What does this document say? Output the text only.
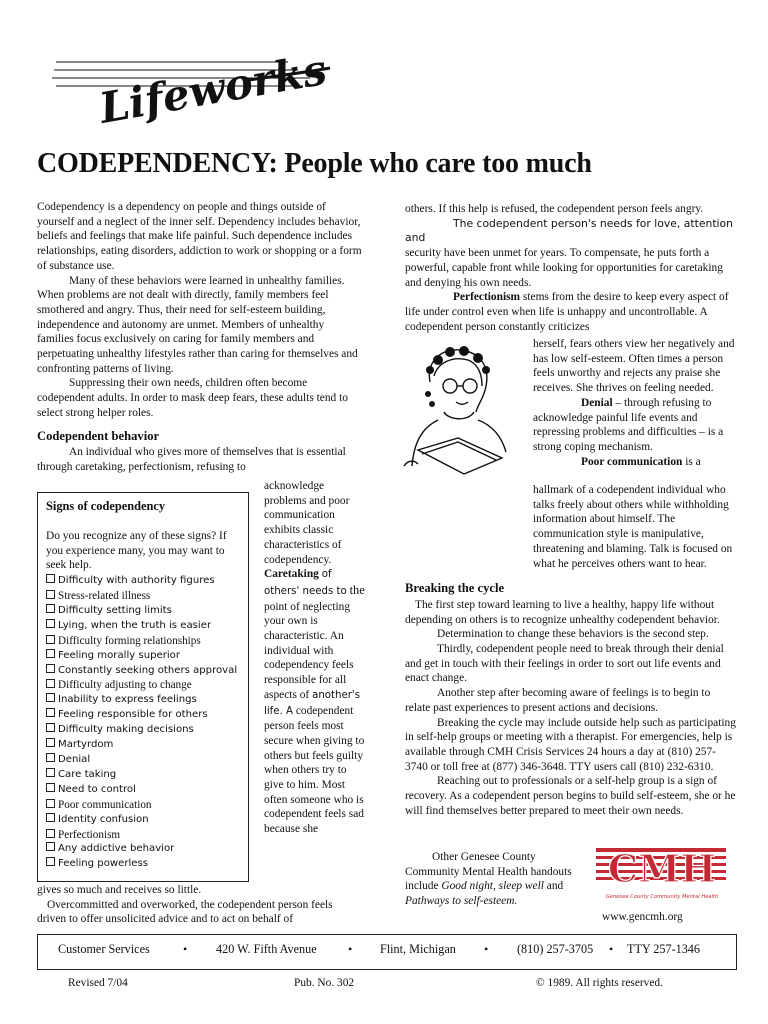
Lifeworks
CODEPENDENCY: People who care too much

Codependency is a dependency on people and things outside of yourself and a neglect of the inner self. Dependency includes behavior, beliefs and feelings that make life painful. Such dependence includes relationships, eating disorders, addiction to work or shopping or a form of substance use.

Many of these behaviors were learned in unhealthy families. When problems are not dealt with directly, family members feel smothered and angry. Thus, their need for self-esteem building, independence and autonomy are unmet. Members of unhealthy families focus exclusively on caring for family members and perpetuating unhealthy lifestyles rather than caring for themselves and confronting patterns of living.

Suppressing their own needs, children often become codependent adults. In order to mask deep fears, these adults tend to select strong helper roles.

Codependent behavior

An individual who gives more of themselves that is essential through caretaking, perfectionism, refusing to

Signs of codependency

Do you recognize any of these signs? If you experience many, you may want to seek help.

Difficulty with authority figures
Stress-related illness
Difficulty setting limits
Lying, when the truth is easier
Difficulty forming relationships
Feeling morally superior
Constantly seeking others approval
Difficulty adjusting to change
Inability to express feelings
Feeling responsible for others
Difficulty making decisions
Martyrdom
Denial
Care taking
Need to control
Poor communication
Identity confusion
Perfectionism
Any addictive behavior
Feeling powerless
acknowledge problems and poor communication exhibits classic characteristics of codependency. Caretaking of others' needs to the point of neglecting your own is characteristic. An individual with codependency feels responsible for all aspects of another's life. A codependent person feels most secure when giving to others but feels guilty when others try to give to him. Most often someone who is codependent feels sad because she

gives so much and receives so little.

Overcommitted and overworked, the codependent person feels driven to offer unsolicited advice and to act on behalf of

others. If this help is refused, the codependent person feels angry.

The codependent person's needs for love, attention and

security have been unmet for years. To compensate, he puts forth a powerful, capable front while looking for opportunities for caretaking and denying his own needs.

Perfectionism stems from the desire to keep every aspect of life under control even when life is unhappy and uncontrollable. A codependent person constantly criticizes

herself, fears others view her negatively and has low self-esteem. Often times a person feels unworthy and rejects any praise she receives. She thrives on feeling needed.

Denial – through refusing to acknowledge painful life events and repressing problems and difficulties – is a strong coping mechanism.

Poor communication is a

hallmark of a codependent individual who talks freely about others while withholding information about himself. The communication style is manipulative, threatening and blaming. Talk is focused on what he perceives others want to hear.

Breaking the cycle

The first step toward learning to live a healthy, happy life without depending on others is to recognize unhealthy codependent behavior.

Determination to change these behaviors is the second step.

Thirdly, codependent people need to break through their denial and get in touch with their feelings in order to sort out life events and enact change.

Another step after becoming aware of feelings is to begin to relate past experiences to present actions and decisions.

Breaking the cycle may include outside help such as participating in self-help groups or meeting with a therapist. For emergencies, help is available through CMH Crisis Services 24 hours a day at (810) 257-3740 or toll free at (877) 346-3648. TTY users call (810) 232-6310.

Reaching out to professionals or a self-help group is a sign of recovery. As a codependent person begins to build self-esteem, she or he will find themselves better prepared to meet their own needs.

Other Genesee County Community Mental Health handouts include Good night, sleep well and Pathways to self-esteem.

CMH
Genesee County Community Mental Health
www.gencmh.org
Customer Services	• 420 W. Fifth Avenue	• Flint, Michigan • (810) 257-3705 • TTY 257-1346
Revised 7/04	Pub. No. 302	© 1989. All rights reserved.
